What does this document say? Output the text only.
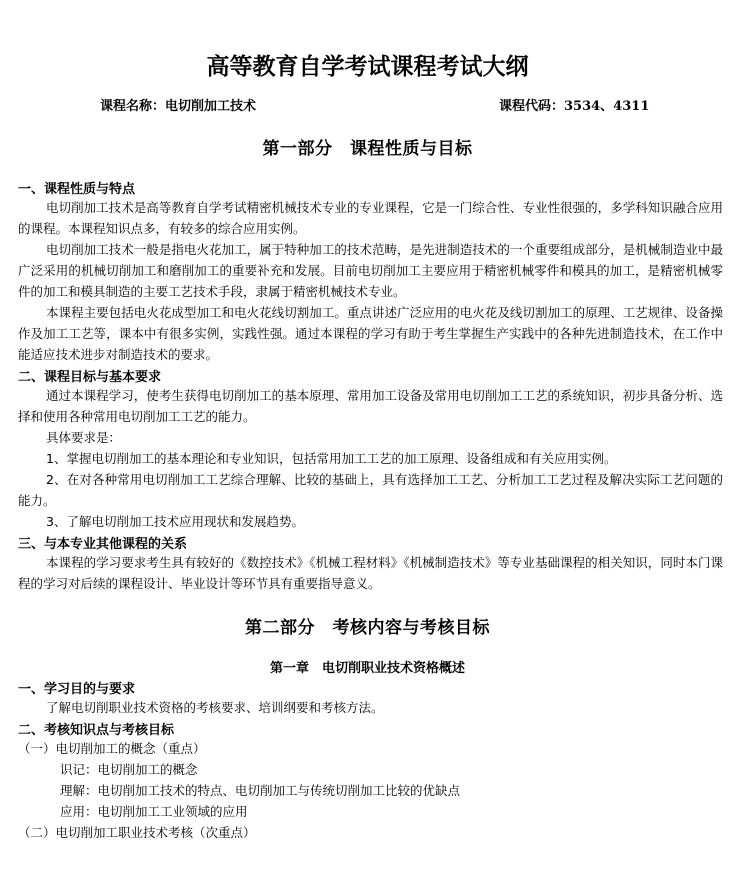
高等教育自学考试课程考试大纲
课程名称：电切削加工技术	课程代码：3534、4311
第一部分　课程性质与目标
一、课程性质与特点
电切削加工技术是高等教育自学考试精密机械技术专业的专业课程，它是一门综合性、专业性很强的，多学科知识融合应用的课程。本课程知识点多，有较多的综合应用实例。
电切削加工技术一般是指电火花加工，属于特种加工的技术范畴，是先进制造技术的一个重要组成部分，是机械制造业中最广泛采用的机械切削加工和磨削加工的重要补充和发展。目前电切削加工主要应用于精密机械零件和模具的加工，是精密机械零件的加工和模具制造的主要工艺技术手段，隶属于精密机械技术专业。
本课程主要包括电火花成型加工和电火花线切割加工。重点讲述广泛应用的电火花及线切割加工的原理、工艺规律、设备操作及加工工艺等，课本中有很多实例，实践性强。通过本课程的学习有助于考生掌握生产实践中的各种先进制造技术，在工作中能适应技术进步对制造技术的要求。
二、课程目标与基本要求
通过本课程学习，使考生获得电切削加工的基本原理、常用加工设备及常用电切削加工工艺的系统知识，初步具备分析、选择和使用各种常用电切削加工工艺的能力。
具体要求是：
1、掌握电切削加工的基本理论和专业知识，包括常用加工工艺的加工原理、设备组成和有关应用实例。
2、在对各种常用电切削加工工艺综合理解、比较的基础上，具有选择加工工艺、分析加工工艺过程及解决实际工艺问题的能力。
3、了解电切削加工技术应用现状和发展趋势。
三、与本专业其他课程的关系
本课程的学习要求考生具有较好的《数控技术》《机械工程材料》《机械制造技术》等专业基础课程的相关知识，同时本门课程的学习对后续的课程设计、毕业设计等环节具有重要指导意义。
第二部分　考核内容与考核目标
第一章　电切削职业技术资格概述
一、学习目的与要求
了解电切削职业技术资格的考核要求、培训纲要和考核方法。
二、考核知识点与考核目标
（一）电切削加工的概念（重点）
识记：电切削加工的概念
理解：电切削加工技术的特点、电切削加工与传统切削加工比较的优缺点
应用：电切削加工工业领域的应用
（二）电切削加工职业技术考核（次重点）
